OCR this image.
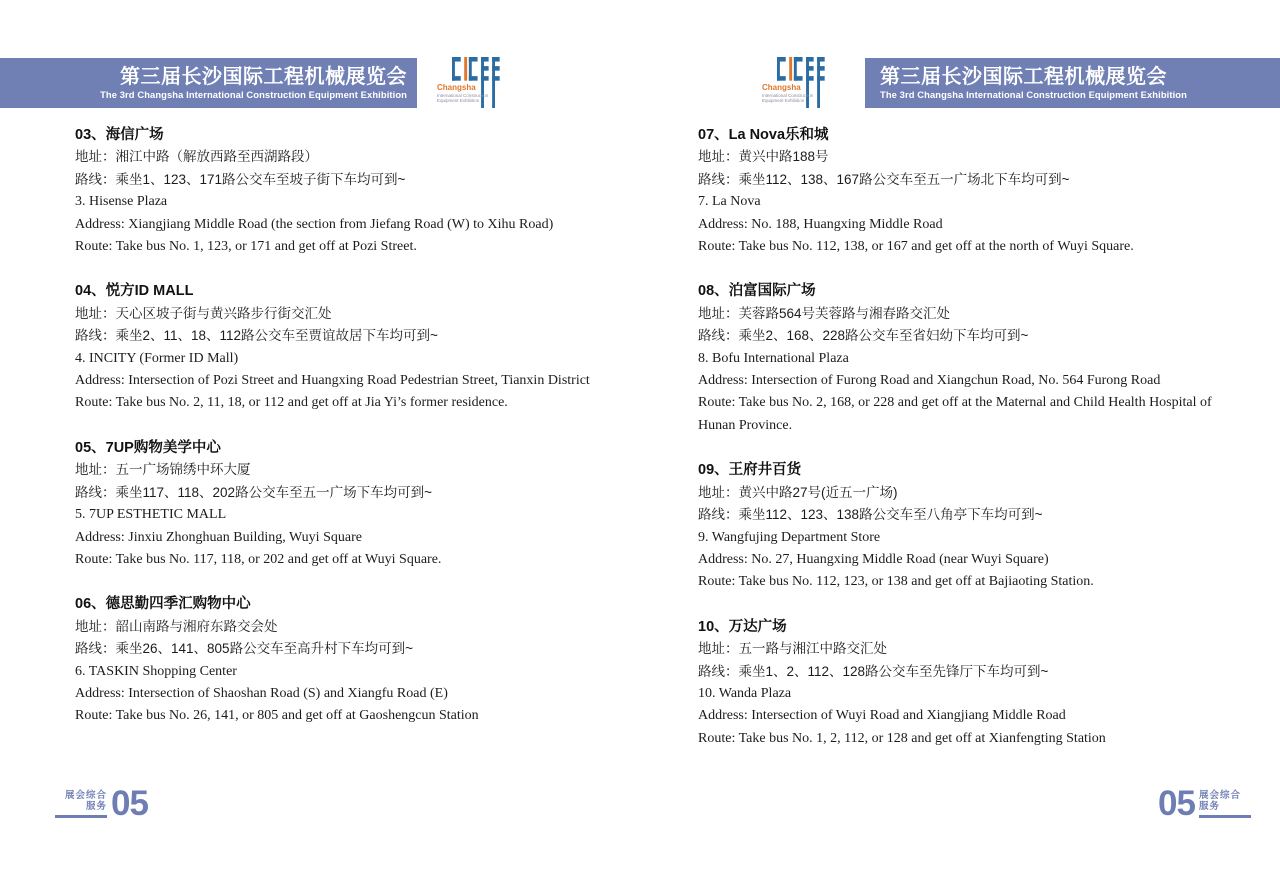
第三届长沙国际工程机械展览会
The 3rd Changsha International Construction Equipment Exhibition
Changsha
International Construction
Equipment Exhibition
Changsha
International Construction
Equipment Exhibition
第三届长沙国际工程机械展览会
The 3rd Changsha International Construction Equipment Exhibition
03、海信广场

地址：湘江中路（解放西路至西湖路段）

路线：乘坐1、123、171路公交车至坡子街下车均可到~

3. Hisense Plaza

Address: Xiangjiang Middle Road (the section from Jiefang Road (W) to Xihu Road)

Route: Take bus No. 1, 123, or 171 and get off at Pozi Street.

04、悦方ID MALL

地址：天心区坡子街与黄兴路步行街交汇处

路线：乘坐2、11、18、112路公交车至贾谊故居下车均可到~

4. INCITY (Former ID Mall)

Address: Intersection of Pozi Street and Huangxing Road Pedestrian Street, Tianxin District

Route: Take bus No. 2, 11, 18, or 112 and get off at Jia Yi’s former residence.

05、7UP购物美学中心

地址：五一广场锦绣中环大厦

路线：乘坐117、118、202路公交车至五一广场下车均可到~

5. 7UP ESTHETIC MALL

Address: Jinxiu Zhonghuan Building, Wuyi Square

Route: Take bus No. 117, 118, or 202 and get off at Wuyi Square.

06、德思勤四季汇购物中心

地址：韶山南路与湘府东路交会处

路线：乘坐26、141、805路公交车至高升村下车均可到~

6. TASKIN Shopping Center

Address: Intersection of Shaoshan Road (S) and Xiangfu Road (E)

Route: Take bus No. 26, 141, or 805 and get off at Gaoshengcun Station

07、La Nova乐和城

地址：黄兴中路188号

路线：乘坐112、138、167路公交车至五一广场北下车均可到~

7. La Nova

Address: No. 188, Huangxing Middle Road

Route: Take bus No. 112, 138, or 167 and get off at the north of Wuyi Square.

08、泊富国际广场

地址：芙蓉路564号芙蓉路与湘春路交汇处

路线：乘坐2、168、228路公交车至省妇幼下车均可到~

8. Bofu International Plaza

Address: Intersection of Furong Road and Xiangchun Road, No. 564 Furong Road

Route: Take bus No. 2, 168, or 228 and get off at the Maternal and Child Health Hospital of Hunan Province.

09、王府井百货

地址：黄兴中路27号(近五一广场)

路线：乘坐112、123、138路公交车至八角亭下车均可到~

9. Wangfujing Department Store

Address: No. 27, Huangxing Middle Road (near Wuyi Square)

Route: Take bus No. 112, 123, or 138 and get off at Bajiaoting Station.

10、万达广场

地址：五一路与湘江中路交汇处

路线：乘坐1、2、112、128路公交车至先锋厅下车均可到~

10. Wanda Plaza

Address: Intersection of Wuyi Road and Xiangjiang Middle Road

Route: Take bus No. 1, 2, 112, or 128 and get off at Xianfengting Station

展会综合
服务 05	05 展会综合
服务
